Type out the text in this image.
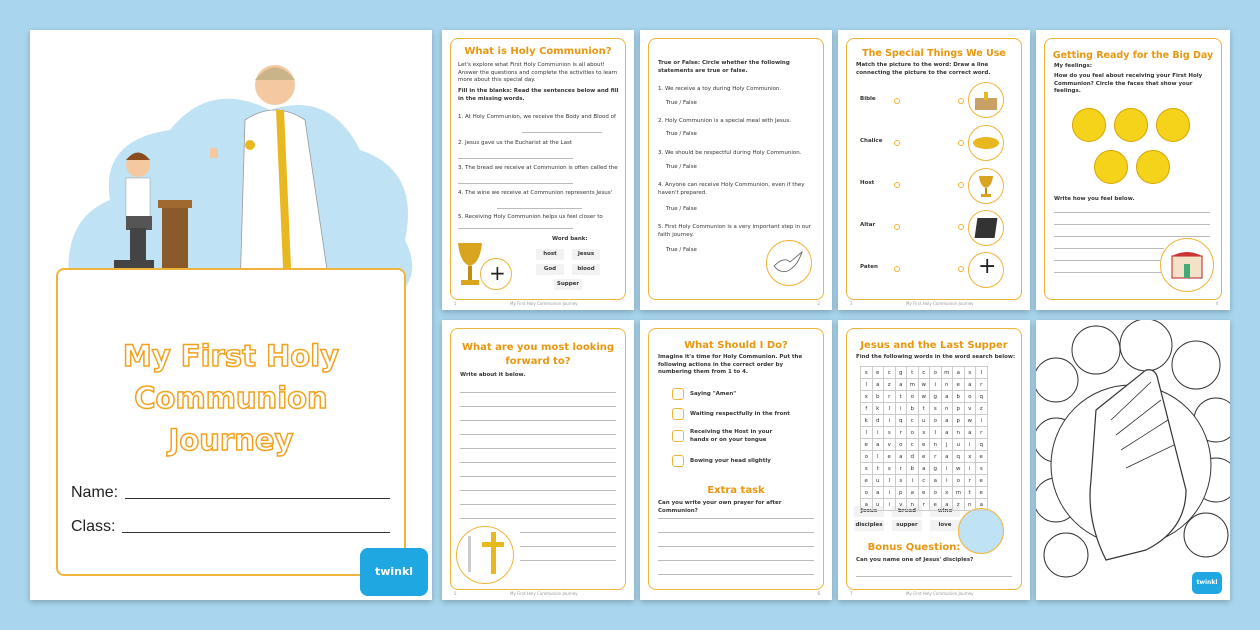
My First Holy
Communion
Journey
Name:
Class:
twinkl
What is Holy Communion?
Let's explore what First Holy Communion is all about! Answer the questions and complete the activities to learn more about this special day.
Fill in the blanks: Read the sentences below and fill in the missing words.
1. At Holy Communion, we receive the Body and Blood of
2. Jesus gave us the Eucharist at the Last
3. The bread we receive at Communion is often called the
4. The wine we receive at Communion represents Jesus'
5. Receiving Holy Communion helps us feel closer to
+
Word bank:
host	Jesus
God	blood
Supper
1	My First Holy Communion Journey
True or False: Circle whether the following statements are true or false.
1. We receive a toy during Holy Communion.
True / False
2. Holy Communion is a special meal with Jesus.
True / False
3. We should be respectful during Holy Communion.
True / False
4. Anyone can receive Holy Communion, even if they haven't prepared.
True / False
5. First Holy Communion is a very important step in our faith journey.
True / False
2
The Special Things We Use
Match the picture to the word: Draw a line connecting the picture to the correct word.
Bible
Chalice
Host
Altar
Paten	+
3	My First Holy Communion Journey
Getting Ready for the Big Day
My feelings:
How do you feel about receiving your First Holy Communion? Circle the faces that show your feelings.
Write how you feel below.
4
What are you most looking
forward to?
Write about it below.
5	My First Holy Communion Journey
What Should I Do?
Imagine it's time for Holy Communion. Put the following actions in the correct order by numbering them from 1 to 4.
Saying "Amen"
Waiting respectfully in the front
Receiving the Host in your hands or on your tongue
Bowing your head slightly
Extra task
Can you write your own prayer for after Communion?
6
Jesus and the Last Supper
Find the following words in the word search below:
Jesus	bread	wine
disciples	supper	love
Bonus Question:
Can you name one of Jesus' disciples?
7	My First Holy Communion Journey
s	e	c	g	t	c	o	m	a	s	l
l	a	z	a	m	w	i	n	e	a	r
x	b	r	t	o	w	g	a	b	o	q
f	k	l	i	b	t	s	n	p	v	z
k	d	i	q	c	u	o	a	p	w	i
l	i	s	r	o	s	l	a	n	a	r
e	a	v	o	c	e	n	j	u	i	q
o	l	e	a	d	e	r	a	q	x	e
s	t	s	r	b	a	g	i	w	i	s
e	u	l	s	i	c	a	i	o	r	e
o	a	i	p	a	e	o	x	m	t	e
a	u	i	v	n	r	e	a	z	n	a
twinkl
